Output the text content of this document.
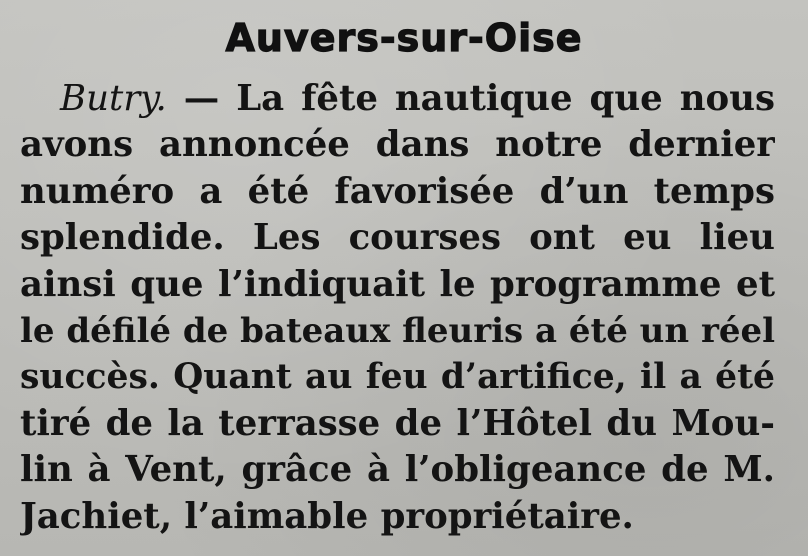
Auvers-sur-Oise
Butry. — La fête nautique que nous
avons annoncée dans notre dernier
numéro a été favorisée d’un temps
splendide. Les courses ont eu lieu
ainsi que l’indiquait le programme et
le défilé de bateaux fleuris a été un réel
succès. Quant au feu d’artifice, il a été
tiré de la terrasse de l’Hôtel du Mou-
lin à Vent, grâce à l’obligeance de M.
Jachiet, l’aimable propriétaire.
